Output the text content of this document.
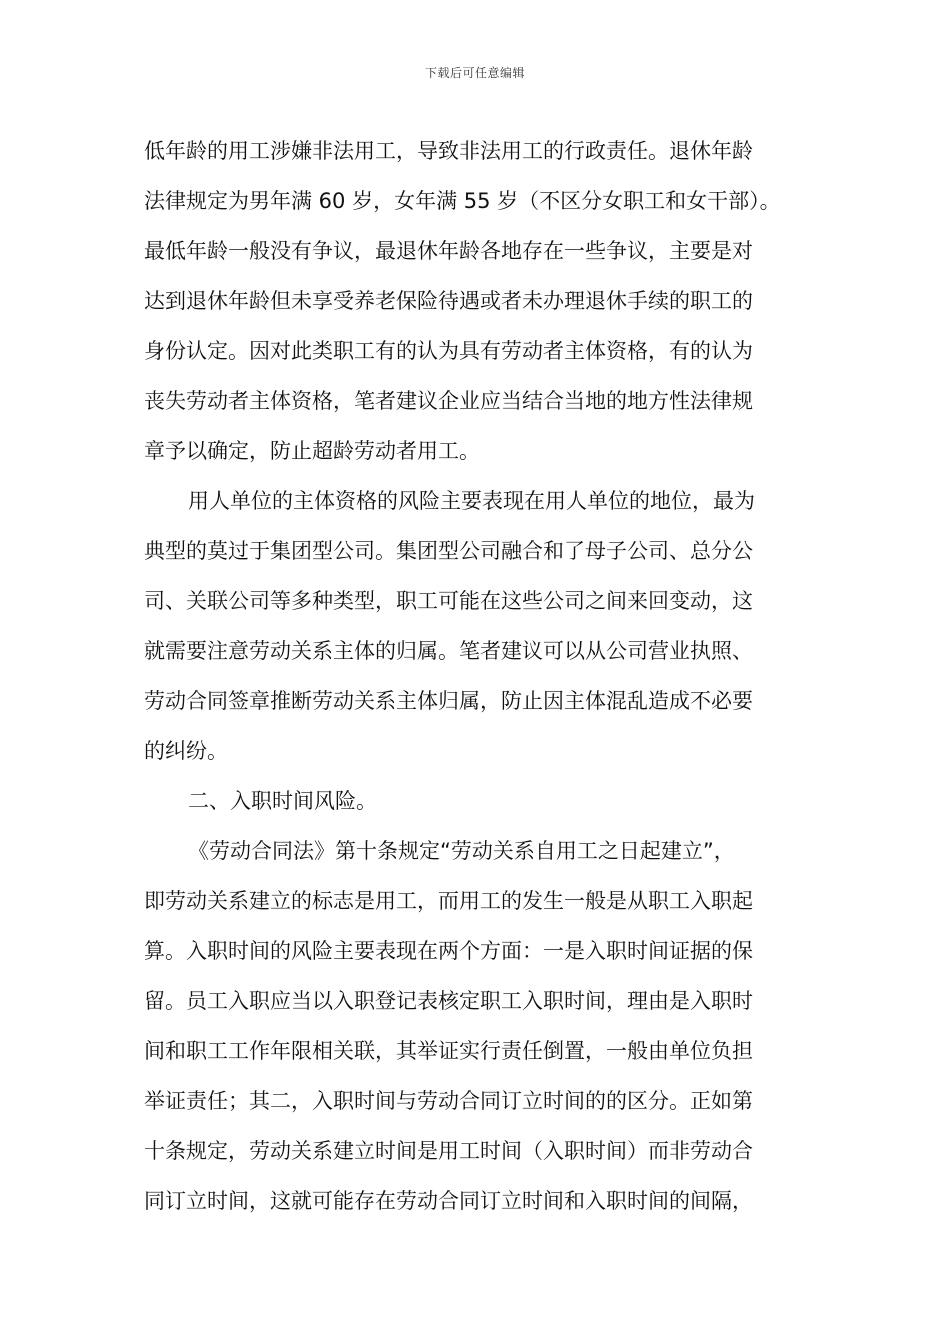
下载后可任意编辑
低年龄的用工涉嫌非法用工，导致非法用工的行政责任。退休年龄
法律规定为男年满 60 岁，女年满 55 岁（不区分女职工和女干部）。
最低年龄一般没有争议，最退休年龄各地存在一些争议，主要是对
达到退休年龄但未享受养老保险待遇或者未办理退休手续的职工的
身份认定。因对此类职工有的认为具有劳动者主体资格，有的认为
丧失劳动者主体资格，笔者建议企业应当结合当地的地方性法律规
章予以确定，防止超龄劳动者用工。
用人单位的主体资格的风险主要表现在用人单位的地位，最为
典型的莫过于集团型公司。集团型公司融合和了母子公司、总分公
司、关联公司等多种类型，职工可能在这些公司之间来回变动，这
就需要注意劳动关系主体的归属。笔者建议可以从公司营业执照、
劳动合同签章推断劳动关系主体归属，防止因主体混乱造成不必要
的纠纷。
二、入职时间风险。
《劳动合同法》第十条规定“劳动关系自用工之日起建立”，
即劳动关系建立的标志是用工，而用工的发生一般是从职工入职起
算。入职时间的风险主要表现在两个方面：一是入职时间证据的保
留。员工入职应当以入职登记表核定职工入职时间，理由是入职时
间和职工工作年限相关联，其举证实行责任倒置，一般由单位负担
举证责任；其二，入职时间与劳动合同订立时间的的区分。正如第
十条规定，劳动关系建立时间是用工时间（入职时间）而非劳动合
同订立时间，这就可能存在劳动合同订立时间和入职时间的间隔，
